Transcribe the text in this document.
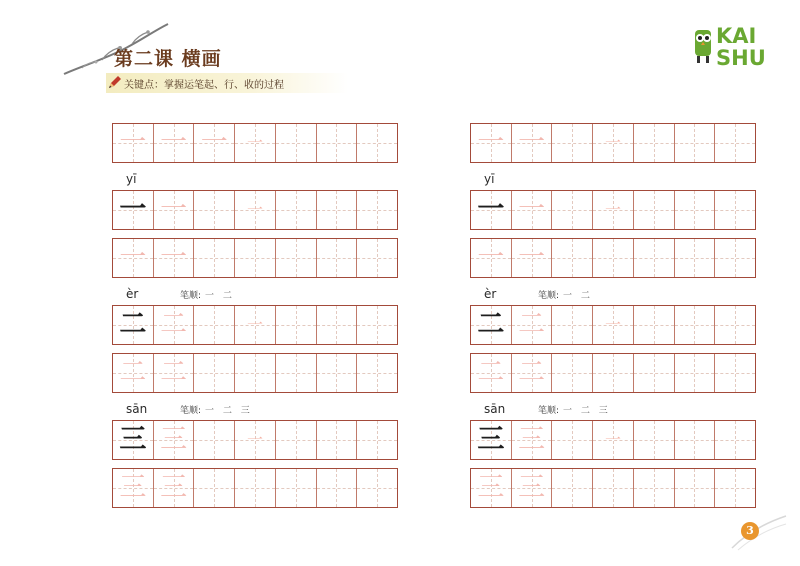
第二课 横画
关键点：掌握运笔起、行、收的过程
KAI
SHU
一 一 一	一
yī
一 一	一
一 一
èr	笔顺: 一 二
二 二	一
二 二
sān	笔顺: 一 二 三
三 三	一
三 三
一 一	一
yī
一 一	一
一 一
èr	笔顺: 一 二
二 二	一
二 二
sān	笔顺: 一 二 三
三 三	一
三 三
3
